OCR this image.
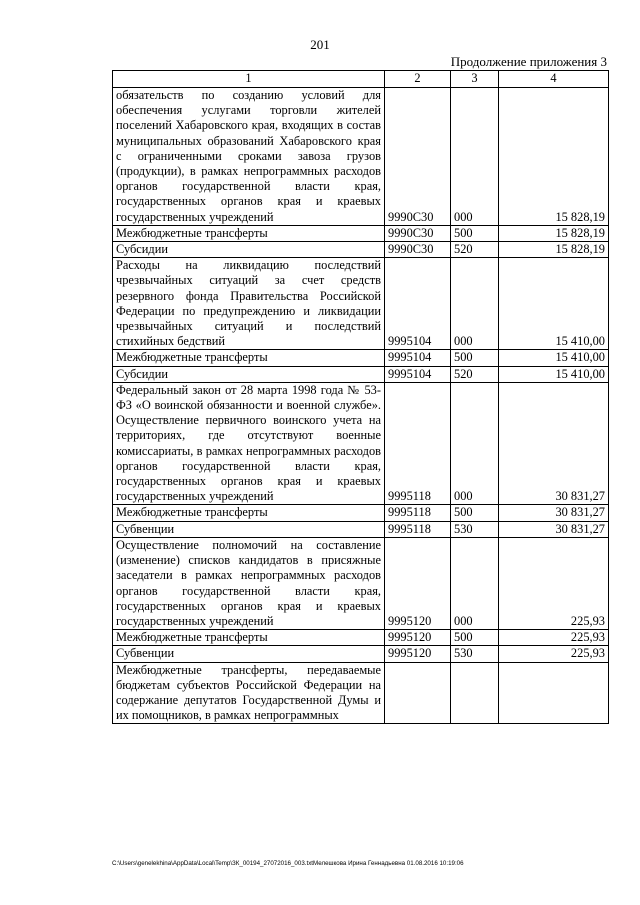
201
Продолжение приложения 3
1	2	3	4
обязательств по созданию условий для обеспечения услугами торговли жителей поселений Хабаровского края, входящих в состав муниципальных образований Хабаровского края с ограниченными сроками завоза грузов (продукции), в рамках непрограммных расходов органов государственной власти края, государственных органов края и краевых государственных учреждений	9990С30	000	15 828,19
Межбюджетные трансферты	9990С30	500	15 828,19
Субсидии	9990С30	520	15 828,19
Расходы на ликвидацию последствий чрезвычайных ситуаций за счет средств резервного фонда Правительства Российской Федерации по предупреждению и ликвидации чрезвычайных ситуаций и последствий стихийных бедствий	9995104	000	15 410,00
Межбюджетные трансферты	9995104	500	15 410,00
Субсидии	9995104	520	15 410,00
Федеральный закон от 28 марта 1998 года № 53-ФЗ «О воинской обязанности и военной службе». Осуществление первичного воинского учета на территориях, где отсутствуют военные комиссариаты, в рамках непрограммных расходов органов государственной власти края, государственных органов края и краевых государственных учреждений	9995118	000	30 831,27
Межбюджетные трансферты	9995118	500	30 831,27
Субвенции	9995118	530	30 831,27
Осуществление полномочий на составление (изменение) списков кандидатов в присяжные заседатели в рамках непрограммных расходов органов государственной власти края, государственных органов края и краевых государственных учреждений	9995120	000	225,93
Межбюджетные трансферты	9995120	500	225,93
Субвенции	9995120	530	225,93
Межбюджетные трансферты, передаваемые бюджетам субъектов Российской Федерации на содержание депутатов Государственной Думы и их помощников, в рамках непрограммных			
C:\Users\genelekhina\AppData\Local\Temp\ЗК_00194_27072016_003.txtМелешкова Ирина Геннадьевна 01.08.2016 10:19:06
